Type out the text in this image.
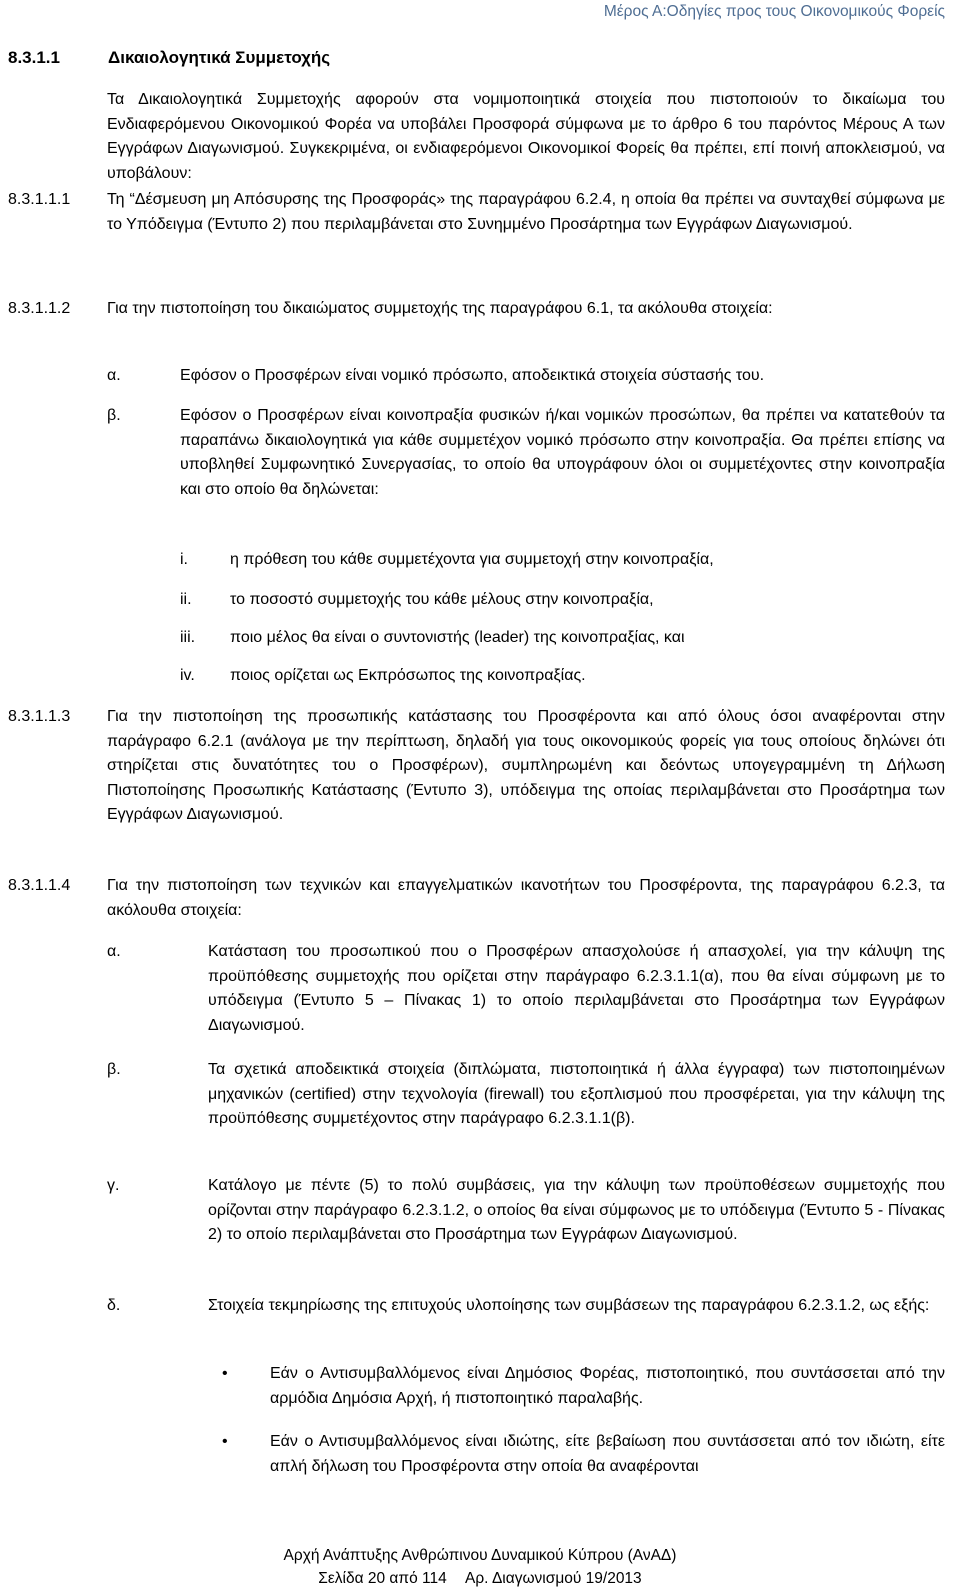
Μέρος Α:Οδηγίες προς τους Οικονομικούς Φορείς
8.3.1.1	Δικαιολογητικά Συμμετοχής
Τα Δικαιολογητικά Συμμετοχής αφορούν στα νομιμοποιητικά στοιχεία που πιστοποιούν το δικαίωμα του Ενδιαφερόμενου Οικονομικού Φορέα να υποβάλει Προσφορά σύμφωνα με το άρθρο 6 του παρόντος Μέρους Α των Εγγράφων Διαγωνισμού. Συγκεκριμένα, οι ενδιαφερόμενοι Οικονομικοί Φορείς θα πρέπει, επί ποινή αποκλεισμού, να υποβάλουν:
8.3.1.1.1 Τη “Δέσμευση μη Απόσυρσης της Προσφοράς» της παραγράφου 6.2.4, η οποία θα πρέπει να συνταχθεί σύμφωνα με το Υπόδειγμα (Έντυπο 2) που περιλαμβάνεται στο Συνημμένο Προσάρτημα των Εγγράφων Διαγωνισμού.
8.3.1.1.2 Για την πιστοποίηση του δικαιώματος συμμετοχής της παραγράφου 6.1, τα ακόλουθα στοιχεία:
α.	Εφόσον ο Προσφέρων είναι νομικό πρόσωπο, αποδεικτικά στοιχεία σύστασής του.
β.	Εφόσον ο Προσφέρων είναι κοινοπραξία φυσικών ή/και νομικών προσώπων, θα πρέπει να κατατεθούν τα παραπάνω δικαιολογητικά για κάθε συμμετέχον νομικό πρόσωπο στην κοινοπραξία. Θα πρέπει επίσης να υποβληθεί Συμφωνητικό Συνεργασίας, το οποίο θα υπογράφουν όλοι οι συμμετέχοντες στην κοινοπραξία και στο οποίο θα δηλώνεται:
i.	η πρόθεση του κάθε συμμετέχοντα για συμμετοχή στην κοινοπραξία,
ii. το ποσοστό συμμετοχής του κάθε μέλους στην κοινοπραξία,
iii. ποιο μέλος θα είναι ο συντονιστής (leader) της κοινοπραξίας, και
iv. ποιος ορίζεται ως Εκπρόσωπος της κοινοπραξίας.
8.3.1.1.3 Για την πιστοποίηση της προσωπικής κατάστασης του Προσφέροντα και από όλους όσοι αναφέρονται στην παράγραφο 6.2.1 (ανάλογα με την περίπτωση, δηλαδή για τους οικονομικούς φορείς για τους οποίους δηλώνει ότι στηρίζεται στις δυνατότητες του ο Προσφέρων), συμπληρωμένη και δεόντως υπογεγραμμένη τη Δήλωση Πιστοποίησης Προσωπικής Κατάστασης (Έντυπο 3), υπόδειγμα της οποίας περιλαμβάνεται στο Προσάρτημα των Εγγράφων Διαγωνισμού.
8.3.1.1.4 Για την πιστοποίηση των τεχνικών και επαγγελματικών ικανοτήτων του Προσφέροντα, της παραγράφου 6.2.3, τα ακόλουθα στοιχεία:
α.	Κατάσταση του προσωπικού που ο Προσφέρων απασχολούσε ή απασχολεί, για την κάλυψη της προϋπόθεσης συμμετοχής που ορίζεται στην παράγραφο 6.2.3.1.1(α), που θα είναι σύμφωνη με το υπόδειγμα (Έντυπο 5 – Πίνακας 1) το οποίο περιλαμβάνεται στο Προσάρτημα των Εγγράφων Διαγωνισμού.
β.	Τα σχετικά αποδεικτικά στοιχεία (διπλώματα, πιστοποιητικά ή άλλα έγγραφα) των πιστοποιημένων μηχανικών (certified) στην τεχνολογία (firewall) του εξοπλισμού που προσφέρεται, για την κάλυψη της προϋπόθεσης συμμετέχοντος στην παράγραφο 6.2.3.1.1(β).
γ.	Κατάλογο με πέντε (5) το πολύ συμβάσεις, για την κάλυψη των προϋποθέσεων συμμετοχής που ορίζονται στην παράγραφο 6.2.3.1.2, ο οποίος θα είναι σύμφωνος με το υπόδειγμα (Έντυπο 5 - Πίνακας 2) το οποίο περιλαμβάνεται στο Προσάρτημα των Εγγράφων Διαγωνισμού.
δ.	Στοιχεία τεκμηρίωσης της επιτυχούς υλοποίησης των συμβάσεων της παραγράφου 6.2.3.1.2, ως εξής:
•	Εάν ο Αντισυμβαλλόμενος είναι Δημόσιος Φορέας, πιστοποιητικό, που συντάσσεται από την αρμόδια Δημόσια Αρχή, ή πιστοποιητικό παραλαβής.
•	Εάν ο Αντισυμβαλλόμενος είναι ιδιώτης, είτε βεβαίωση που συντάσσεται από τον ιδιώτη, είτε απλή δήλωση του Προσφέροντα στην οποία θα αναφέρονται
Αρχή Ανάπτυξης Ανθρώπινου Δυναμικού Κύπρου (ΑνΑΔ)
Σελίδα 20 από 114 Αρ. Διαγωνισμού 19/2013
